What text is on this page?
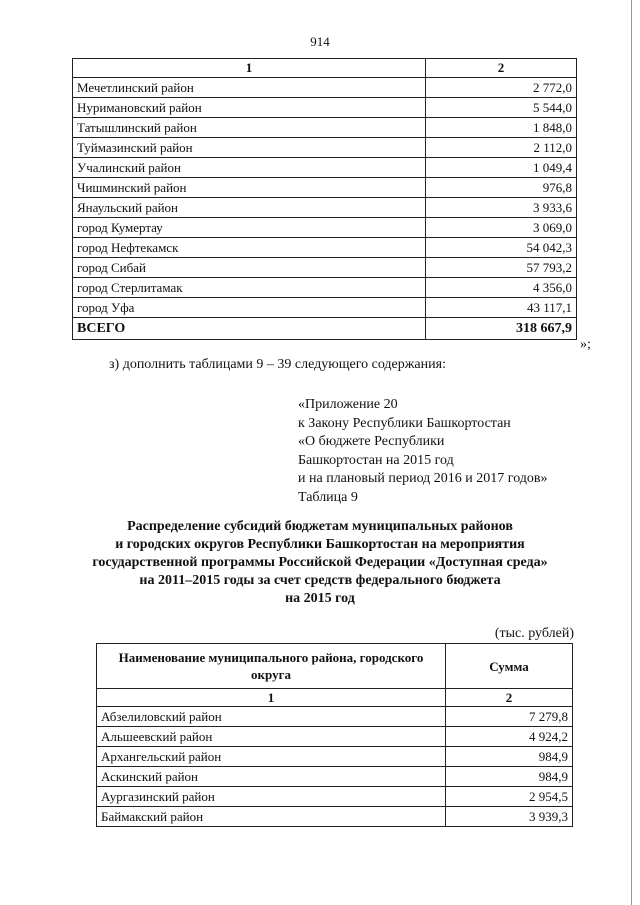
914
1	2
Мечетлинский район	2 772,0
Нуримановский район	5 544,0
Татышлинский район	1 848,0
Туймазинский район	2 112,0
Учалинский район	1 049,4
Чишминский район	976,8
Янаульский район	3 933,6
город Кумертау	3 069,0
город Нефтекамск	54 042,3
город Сибай	57 793,2
город Стерлитамак	4 356,0
город Уфа	43 117,1
ВСЕГО	318 667,9
»;
з) дополнить таблицами 9 – 39 следующего содержания:
«Приложение 20
к Закону Республики Башкортостан
«О бюджете Республики
Башкортостан на 2015 год
и на плановый период 2016 и 2017 годов»
Таблица 9
Распределение субсидий бюджетам муниципальных районов
и городских округов Республики Башкортостан на мероприятия
государственной программы Российской Федерации «Доступная среда»
на 2011–2015 годы за счет средств федерального бюджета
на 2015 год
(тыс. рублей)
Наименование муниципального района, городского округа	Сумма
1	2
Абзелиловский район	7 279,8
Альшеевский район	4 924,2
Архангельский район	984,9
Аскинский район	984,9
Аургазинский район	2 954,5
Баймакский район	3 939,3
